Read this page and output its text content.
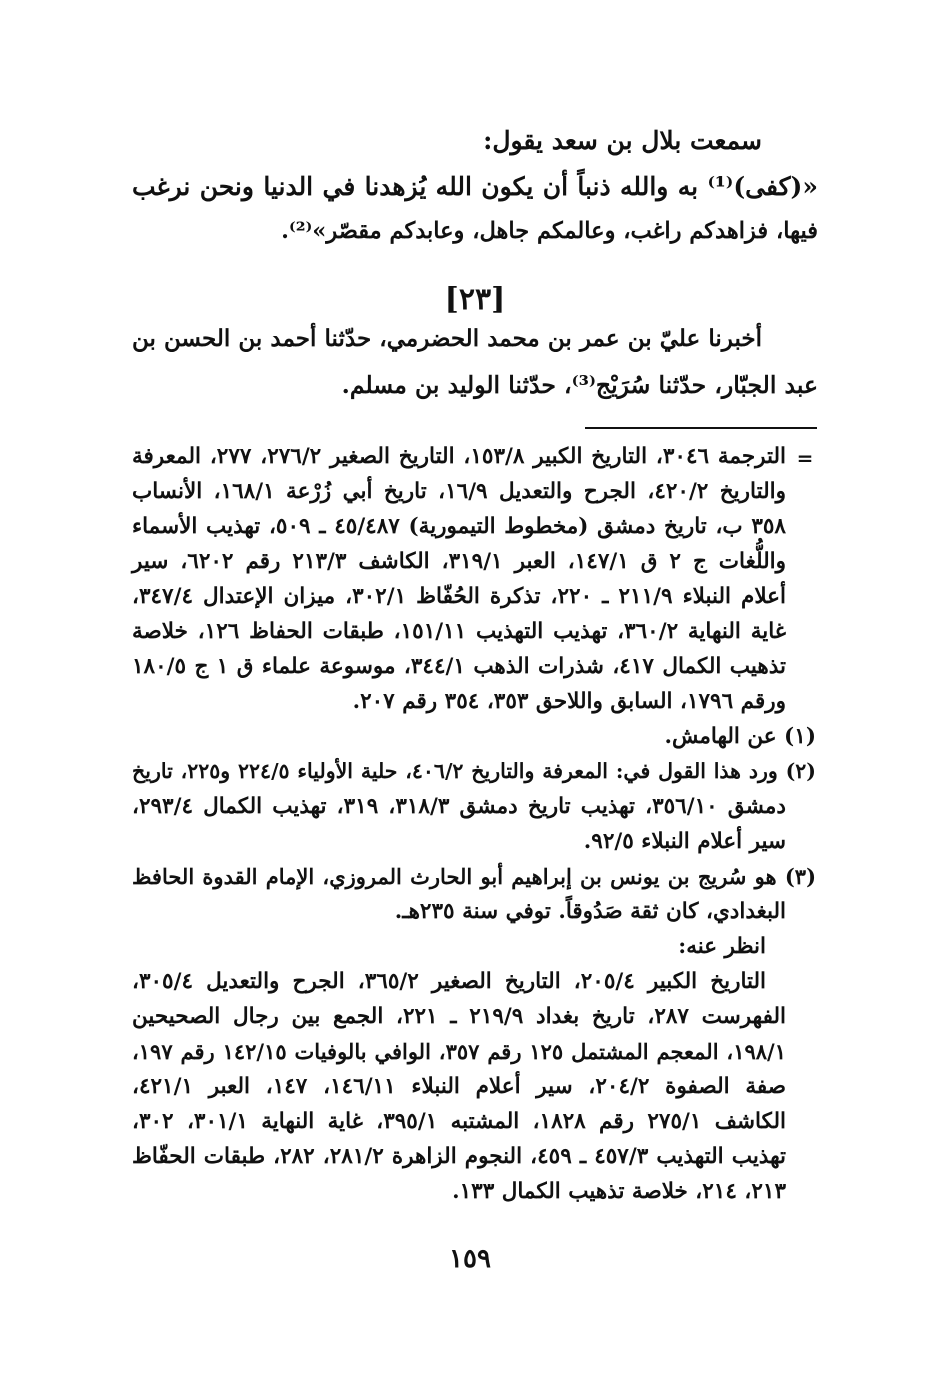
سمعت بلال بن سعد يقول:
«(كفى)⁽¹⁾ به والله ذنباً أن يكون الله يُزهدنا في الدنيا ونحن نرغب
فيها، فزاهدكم راغب، وعالمكم جاهل، وعابدكم مقصّر»⁽²⁾.
[٢٣]
أخبرنا عليّ بن عمر بن محمد الحضرمي، حدّثنا أحمد بن الحسن بن
عبد الجبّار، حدّثنا سُرَيْج⁽³⁾، حدّثنا الوليد بن مسلم.
=
الترجمة ٣٠٤٦، التاريخ الكبير ١٥٣/٨، التاريخ الصغير ٢٧٦/٢، ٢٧٧، المعرفة
والتاريخ ٤٢٠/٢، الجرح والتعديل ١٦/٩، تاريخ أبي زُرْعة ١٦٨/١، الأنساب
٣٥٨ ب، تاريخ دمشق (مخطوط التيمورية) ٤٥/٤٨٧ ـ ٥٠٩، تهذيب الأسماء
واللُّغات ج ٢ ق ١٤٧/١، العبر ٣١٩/١، الكاشف ٢١٣/٣ رقم ٦٢٠٢، سير
أعلام النبلاء ٢١١/٩ ـ ٢٢٠، تذكرة الحُفّاظ ٣٠٢/١، ميزان الإعتدال ٣٤٧/٤،
غاية النهاية ٣٦٠/٢، تهذيب التهذيب ١٥١/١١، طبقات الحفاظ ١٢٦، خلاصة
تذهيب الكمال ٤١٧، شذرات الذهب ٣٤٤/١، موسوعة علماء ق ١ ج ١٨٠/٥
ورقم ١٧٩٦، السابق واللاحق ٣٥٣، ٣٥٤ رقم ٢٠٧.
(١) عن الهامش.
(٢) ورد هذا القول في: المعرفة والتاريخ ٤٠٦/٢، حلية الأولياء ٢٢٤/٥ و٢٢٥، تاريخ
دمشق ٣٥٦/١٠، تهذيب تاريخ دمشق ٣١٨/٣، ٣١٩، تهذيب الكمال ٢٩٣/٤،
سير أعلام النبلاء ٩٢/٥.
(٣) هو سُريج بن يونس بن إبراهيم أبو الحارث المروزي، الإمام القدوة الحافظ
البغدادي، كان ثقة صَدُوقاً. توفي سنة ٢٣٥هـ.
انظر عنه:
التاريخ الكبير ٢٠٥/٤، التاريخ الصغير ٣٦٥/٢، الجرح والتعديل ٣٠٥/٤،
الفهرست ٢٨٧، تاريخ بغداد ٢١٩/٩ ـ ٢٢١، الجمع بين رجال الصحيحين
١٩٨/١، المعجم المشتمل ١٢٥ رقم ٣٥٧، الوافي بالوفيات ١٤٢/١٥ رقم ١٩٧،
صفة الصفوة ٢٠٤/٢، سير أعلام النبلاء ١٤٦/١١، ١٤٧، العبر ٤٢١/١،
الكاشف ٢٧٥/١ رقم ١٨٢٨، المشتبه ٣٩٥/١، غاية النهاية ٣٠١/١، ٣٠٢،
تهذيب التهذيب ٤٥٧/٣ ـ ٤٥٩، النجوم الزاهرة ٢٨١/٢، ٢٨٢، طبقات الحفّاظ
٢١٣، ٢١٤، خلاصة تذهيب الكمال ١٣٣.
١٥٩
